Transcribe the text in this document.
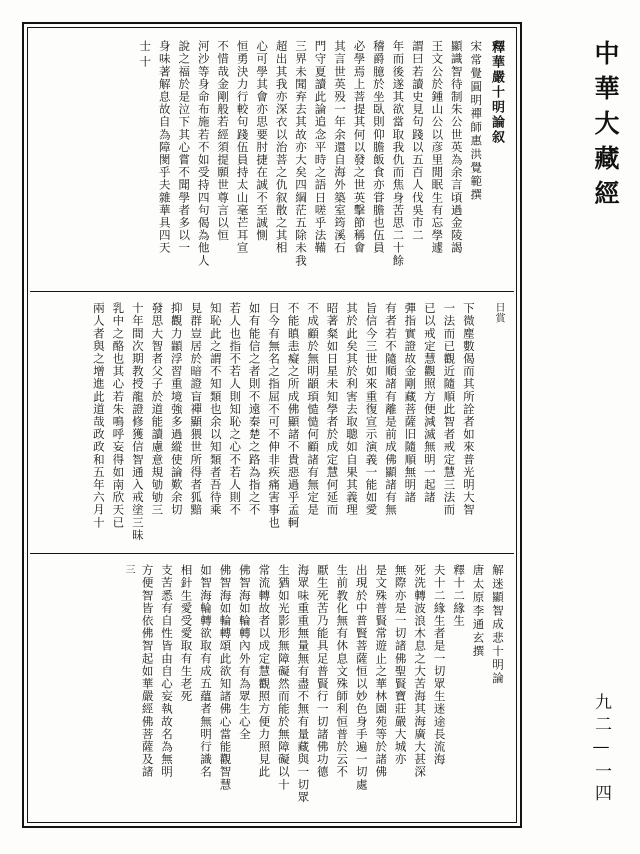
釋華嚴十明論叙
宋常覺圓明禪師惠洪覺範撰
顯識智待制朱公世英為余言頃過金陵謁
王文公於鍾山公以彦里閒眠生有忘學遽
謂曰若讀史見句踐以五百人伐吳市二
年而後遂其欲當取我仇而焦身苦思二十餘
稽爵臆於坐臥則仰膽飯食亦甞膽也伍員
必學焉上菩提其何以發之世英擊節稱會
其言世英殁一年余還自海外築室筠溪石
門守夏讀此論追念平時之語日嗟乎法鞴
三界未聞弃去其故亦大矣四綱茫五除未我
超出其我亦深衣以治菩之仇叙散之其相
心可學其會亦思要肘捷在誠不至誠惻
恒勇決力行較句踐伍員持太山毫芒耳宣
不惜哉金剛般若經須提願世尊言以恒
河沙等身命布施若不如受持四句偈為他人
說之福於是泣下其心嘗不聞學者多以一
身味著解息故自為障閡乎夫雜華具四天
士十
日賞
下微塵數偈而其所詮者如來普光明大智
一法而已觀近隨順此智者戒定慧三法而
已以戒定慧觀照方便減滅無明一起諸
彈指實證故金剛藏菩薩旧隨順無明諸
有者若不隨順諸有離是前成佛顯諸有無
旨信今三世如來重復宣示演義一能如愛
其於此矣其於利害去取聰如自果其義理
昭著粲如日星未知學者於成定慧何延而
不成顧於無明顓頊慥慥何顧諸有無定是
不能瞋恚癡之所成佛顯諸不貴惡過乎孟軻
日今有無名之指屈不可不伸非疾痛害事也
如有能信之者則不遠秦楚之路為指之不
若人也指不若人則知恥之心不若人則不
知恥此之謂不知類也余以知類者吾待乘
見群豈居於暗證盲禪顯猥世所得者狐黯
抑觀力顓浮習重境強多過縱使論歎余切
發思大智者父子於道能讀慮意規劬劬三
十年間次期教授龍證修獲信智通入戒塗三昧
乳中之酪也其心若朱鳴呼妄得如南欣天已
兩人者與之增進此道哉政政和五年六月十
解迷顯智成悲十明論
唐太原李通玄撰
釋十二緣生
夫十二緣生者是一切眾生迷途長流海
死洗轉波浪木息之大苦海其海廣大甚深
無際亦是一切諸佛聖賢寶莊嚴大城亦
是文殊普賢常遊止之華林園苑等於諸佛
出現於中普賢菩薩恒以妙色身手遍一切處
生前教化無有休息文殊師利恒普於云不
厭生死苦乃能具足普賢行一切諸佛功德
海眾味重重無量無有盡不無有量藏與一切眾
生猶如光影形無障礙然而能於無障礙以十
常流轉故者以成定慧觀照方便力照見此
佛智海如輪轉內外有為眾生心全
佛智海如輪轉頌此欲知諸佛心當能觀智慧
如智海輪轉欲取有成五蘊者無明行識名
相針生愛受愛取有生老死
支苦悉有自性皆由自心妄執故名為無明
方便智皆依佛智起如華嚴經佛菩薩及諸
三
中華大藏經
九二—一四
